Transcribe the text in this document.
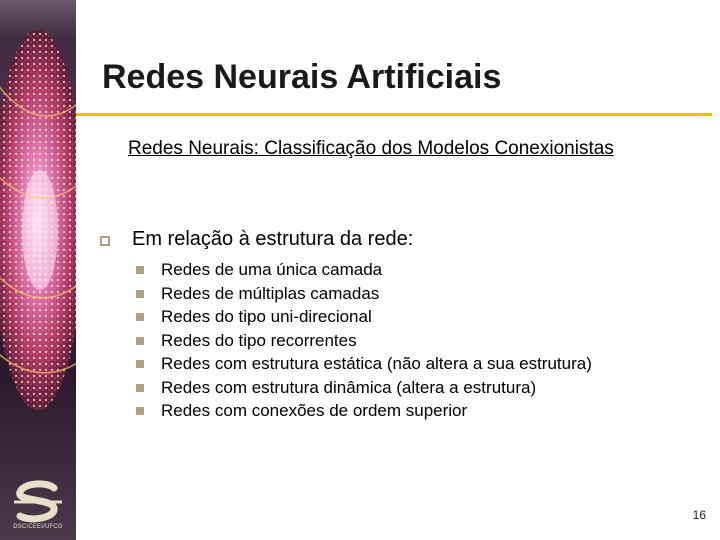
DSC/CEEI/UFCG
Redes Neurais Artificiais

Redes Neurais: Classificação dos Modelos Conexionistas

Em relação à estrutura da rede:
Redes de uma única camada
Redes de múltiplas camadas
Redes do tipo uni-direcional
Redes do tipo recorrentes
Redes com estrutura estática (não altera a sua estrutura)
Redes com estrutura dinâmica (altera a estrutura)
Redes com conexões de ordem superior
16
